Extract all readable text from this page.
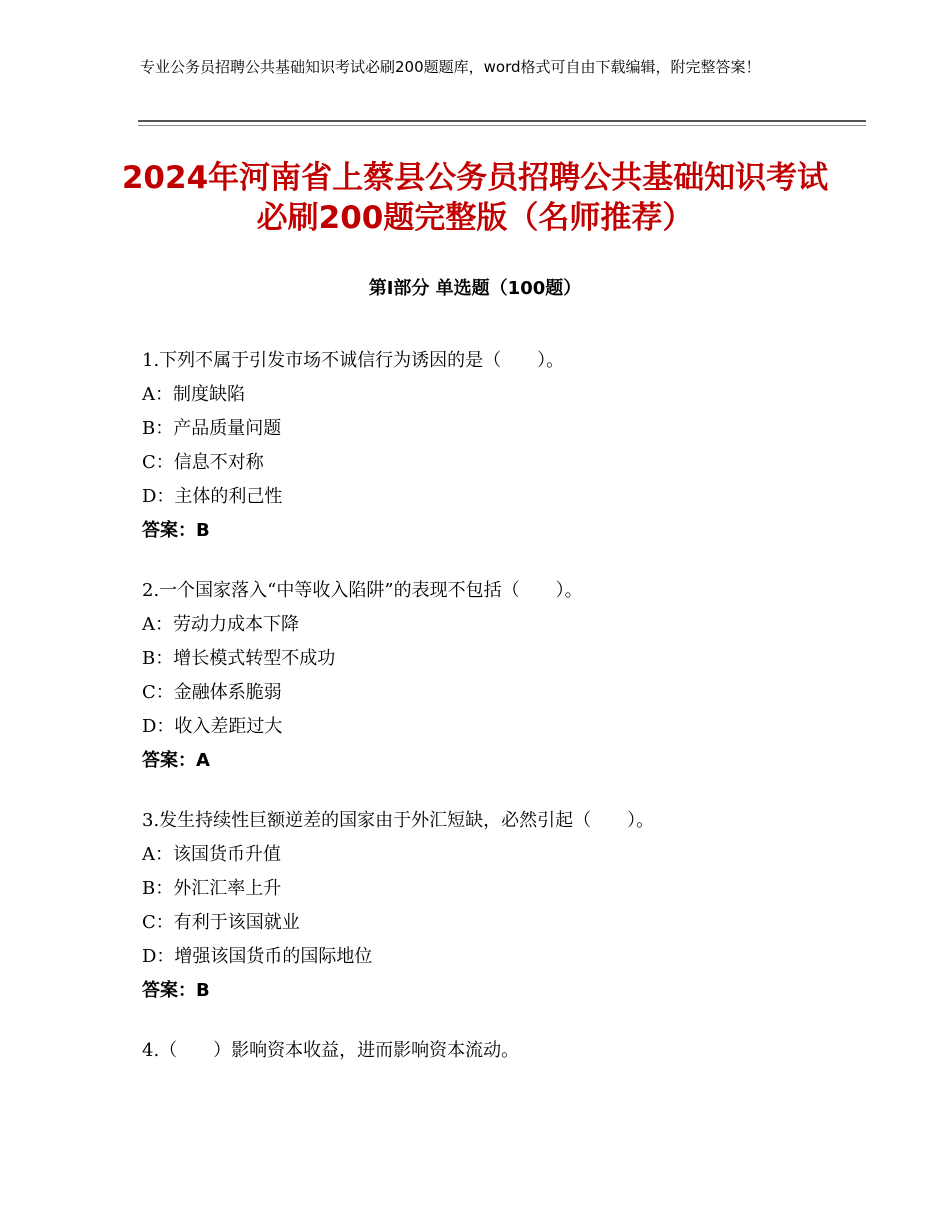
专业公务员招聘公共基础知识考试必刷200题题库，word格式可自由下载编辑，附完整答案！
2024年河南省上蔡县公务员招聘公共基础知识考试必刷200题完整版（名师推荐）
第Ⅰ部分 单选题（100题）
1.下列不属于引发市场不诚信行为诱因的是（　　）。
A：制度缺陷
B：产品质量问题
C：信息不对称
D：主体的利己性
答案：B
2.一个国家落入“中等收入陷阱”的表现不包括（　　）。
A：劳动力成本下降
B：增长模式转型不成功
C：金融体系脆弱
D：收入差距过大
答案：A
3.发生持续性巨额逆差的国家由于外汇短缺，必然引起（　　）。
A：该国货币升值
B：外汇汇率上升
C：有利于该国就业
D：增强该国货币的国际地位
答案：B
4.（　　）影响资本收益，进而影响资本流动。
